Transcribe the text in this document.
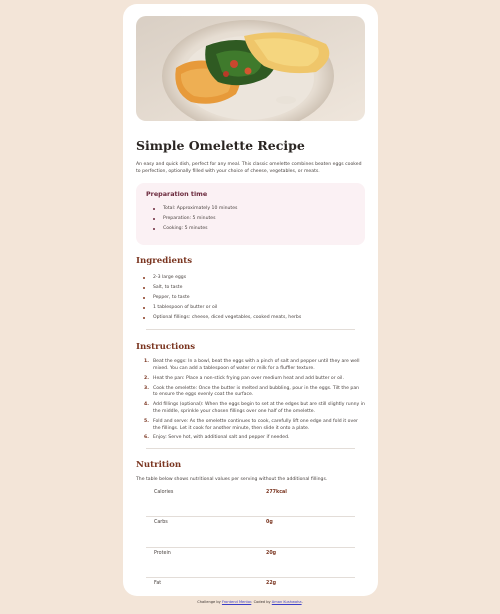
Simple Omelette Recipe

An easy and quick dish, perfect for any meal. This classic omelette combines beaten eggs cooked to perfection, optionally filled with your choice of cheese, vegetables, or meats.

Preparation time
Total: Approximately 10 minutes
Preparation: 5 minutes
Cooking: 5 minutes
Ingredients
2-3 large eggs
Salt, to taste
Pepper, to taste
1 tablespoon of butter or oil
Optional fillings: cheese, diced vegetables, cooked meats, herbs
Instructions
1. Beat the eggs: In a bowl, beat the eggs with a pinch of salt and pepper until they are well mixed. You can add a tablespoon of water or milk for a fluffier texture.
2. Heat the pan: Place a non-stick frying pan over medium heat and add butter or oil.
3. Cook the omelette: Once the butter is melted and bubbling, pour in the eggs. Tilt the pan to ensure the eggs evenly coat the surface.
4. Add fillings (optional): When the eggs begin to set at the edges but are still slightly runny in the middle, sprinkle your chosen fillings over one half of the omelette.
5. Fold and serve: As the omelette continues to cook, carefully lift one edge and fold it over the fillings. Let it cook for another minute, then slide it onto a plate.
6. Enjoy: Serve hot, with additional salt and pepper if needed.
Nutrition

The table below shows nutritional values per serving without the additional fillings.

Calories	277kcal
Carbs	0g
Protein	20g
Fat	22g
Challenge by Frontend Mentor. Coded by Aman Kushwaha.
